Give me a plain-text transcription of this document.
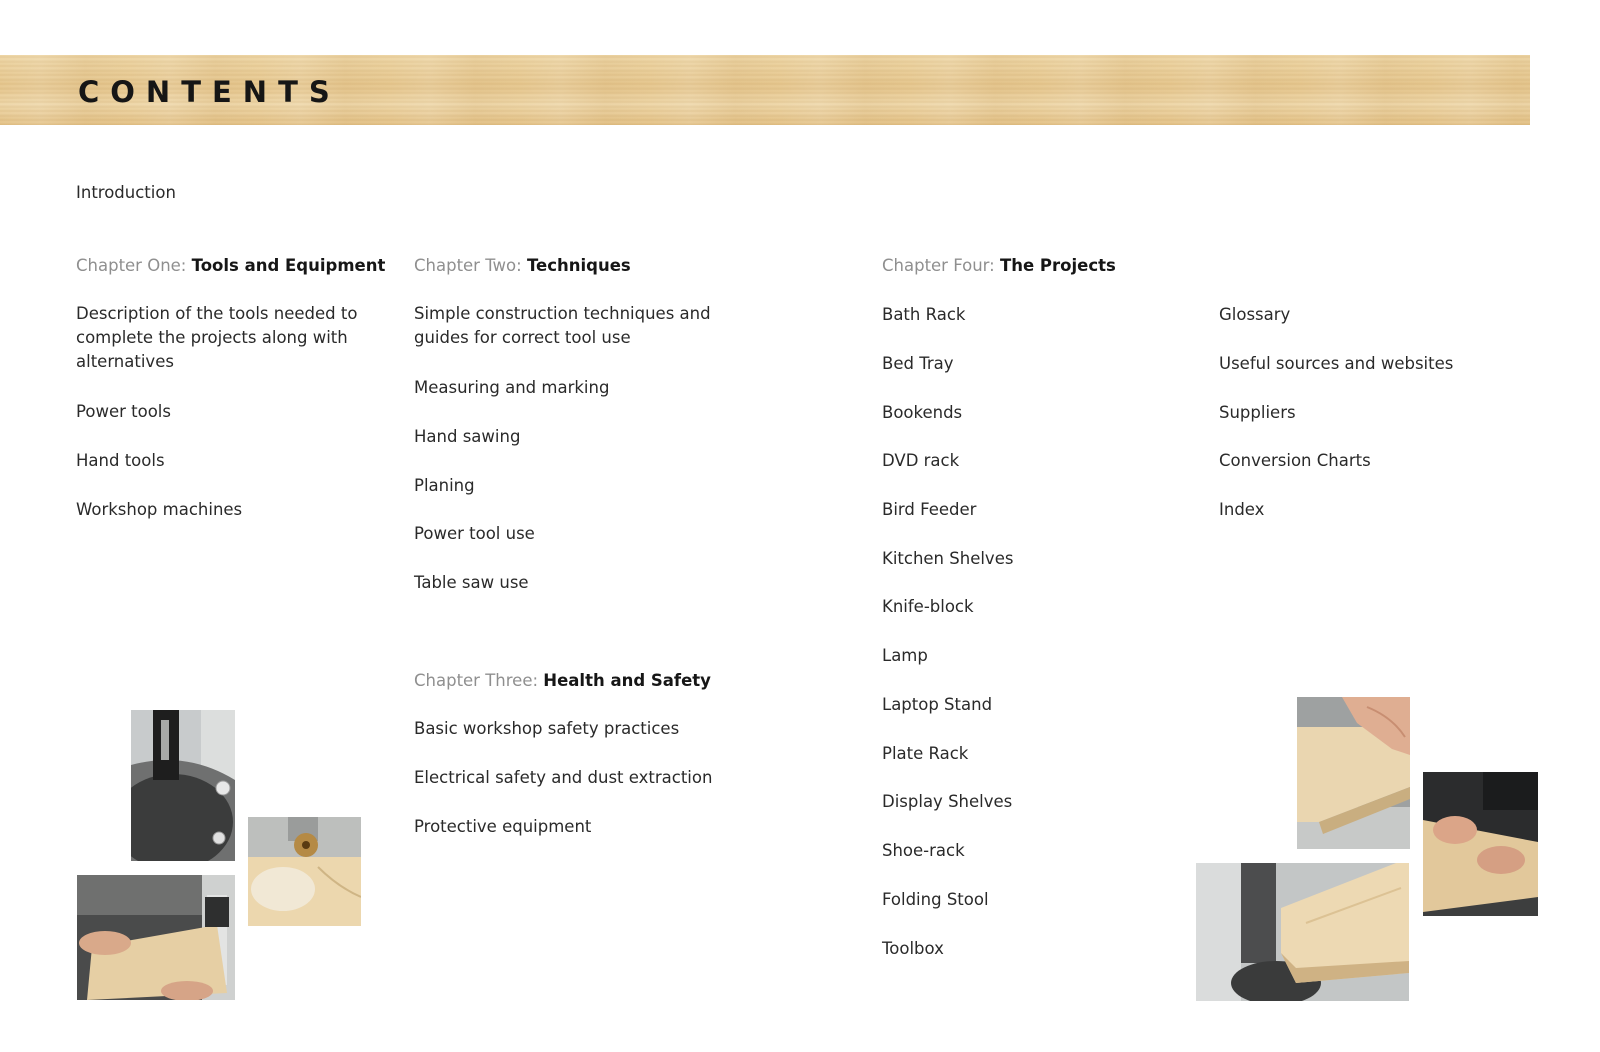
CONTENTS

Introduction

Chapter One: Tools and Equipment

Description of the tools needed to complete the projects along with alternatives

Power tools

Hand tools

Workshop machines

Chapter Two: Techniques

Simple construction techniques and guides for correct tool use

Measuring and marking

Hand sawing

Planing

Power tool use

Table saw use

Chapter Three: Health and Safety

Basic workshop safety practices

Electrical safety and dust extraction

Protective equipment

Chapter Four: The Projects

Bath Rack

Bed Tray

Bookends

DVD rack

Bird Feeder

Kitchen Shelves

Knife-block

Lamp

Laptop Stand

Plate Rack

Display Shelves

Shoe-rack

Folding Stool

Toolbox

Glossary

Useful sources and websites

Suppliers

Conversion Charts

Index
